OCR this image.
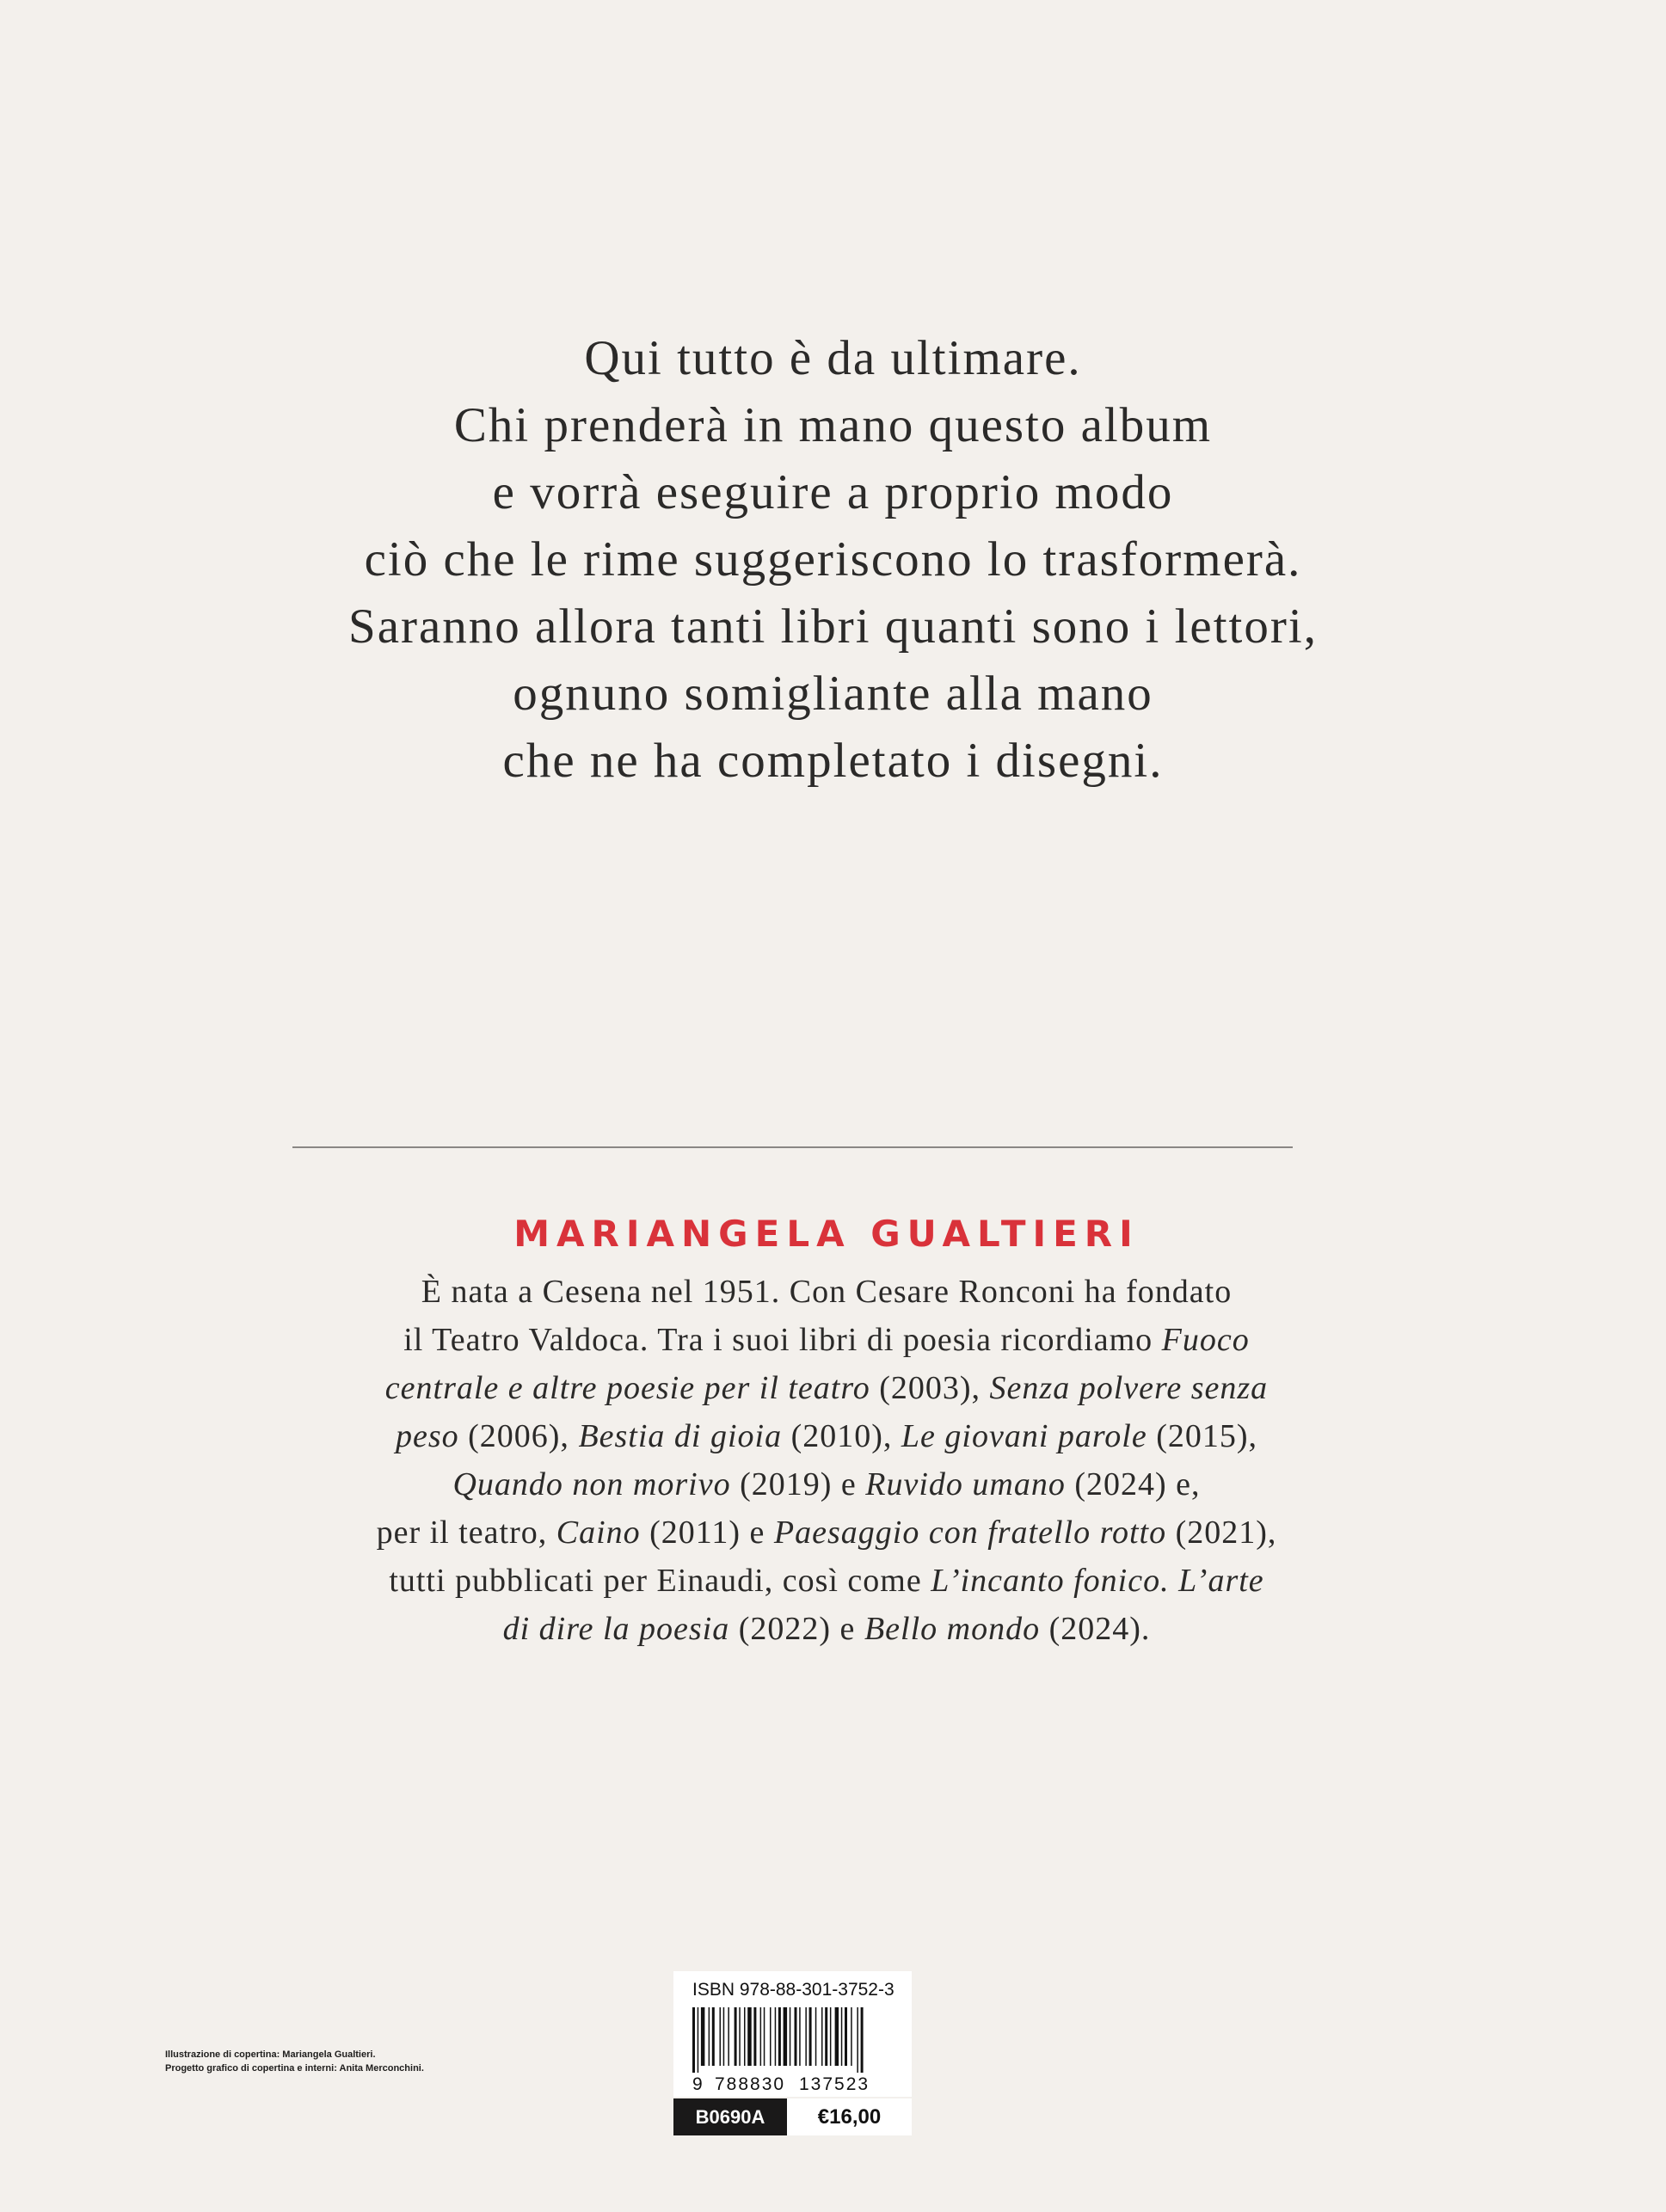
Qui tutto è da ultimare.
Chi prenderà in mano questo album
e vorrà eseguire a proprio modo
ciò che le rime suggeriscono lo trasformerà.
Saranno allora tanti libri quanti sono i lettori,
ognuno somigliante alla mano
che ne ha completato i disegni.
MARIANGELA GUALTIERI
È nata a Cesena nel 1951. Con Cesare Ronconi ha fondato
il Teatro Valdoca. Tra i suoi libri di poesia ricordiamo Fuoco
centrale e altre poesie per il teatro (2003), Senza polvere senza
peso (2006), Bestia di gioia (2010), Le giovani parole (2015),
Quando non morivo (2019) e Ruvido umano (2024) e,
per il teatro, Caino (2011) e Paesaggio con fratello rotto (2021),
tutti pubblicati per Einaudi, così come L’incanto fonico. L’arte
di dire la poesia (2022) e Bello mondo (2024).
Illustrazione di copertina: Mariangela Gualtieri.
Progetto grafico di copertina e interni: Anita Merconchini.
ISBN 978-88-301-3752-3
9 788830 137523
B0690A	€16,00
